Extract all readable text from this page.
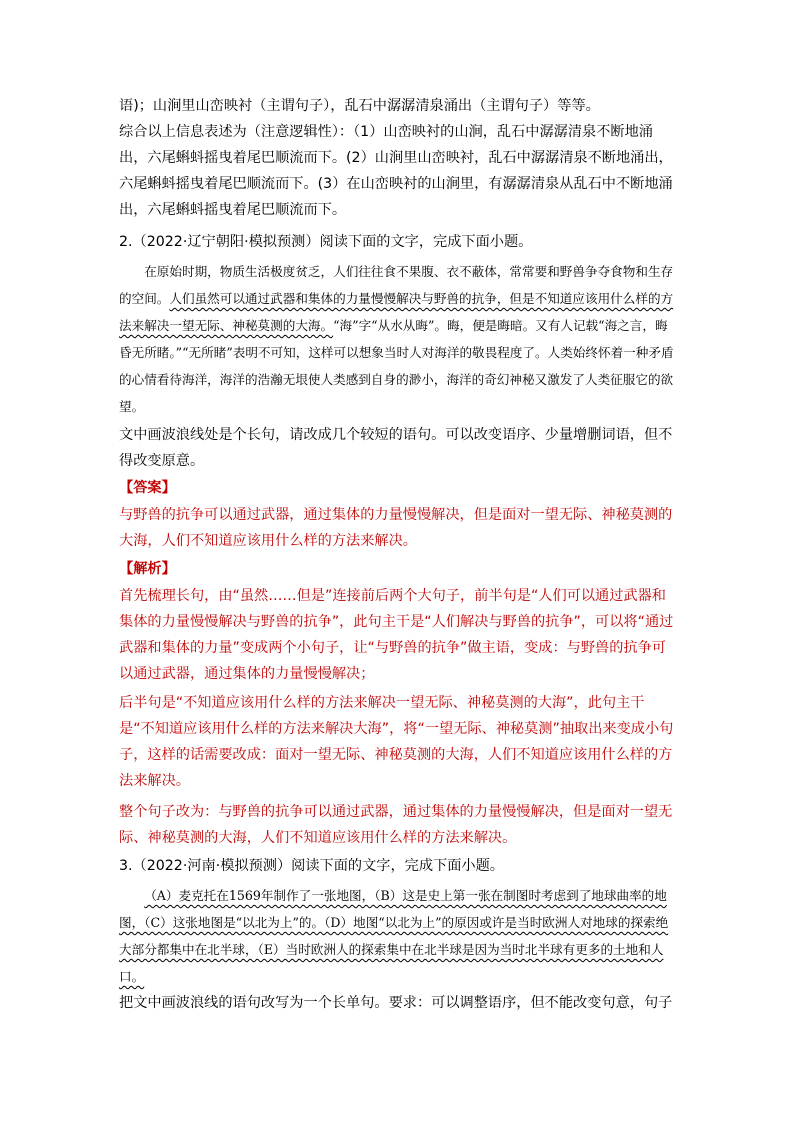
语)；山涧里山峦映衬（主谓句子），乱石中潺潺清泉涌出（主谓句子）等等。
综合以上信息表述为（注意逻辑性）：（1）山峦映衬的山涧，乱石中潺潺清泉不断地涌出，六尾蝌蚪摇曳着尾巴顺流而下。(2）山涧里山峦映衬，乱石中潺潺清泉不断地涌出，六尾蝌蚪摇曳着尾巴顺流而下。(3）在山峦映衬的山涧里，有潺潺清泉从乱石中不断地涌出，六尾蝌蚪摇曳着尾巴顺流而下。
2.（2022·辽宁朝阳·模拟预测）阅读下面的文字，完成下面小题。
在原始时期，物质生活极度贫乏，人们往往食不果腹、衣不蔽体，常常要和野兽争夺食物和生存的空间。人们虽然可以通过武器和集体的力量慢慢解决与野兽的抗争，但是不知道应该用什么样的方法来解决一望无际、神秘莫测的大海。“海”字“从水从晦”。晦，便是晦暗。又有人记载“海之言，晦昏无所睹。”“无所睹”表明不可知，这样可以想象当时人对海洋的敬畏程度了。人类始终怀着一种矛盾的心情看待海洋，海洋的浩瀚无垠使人类感到自身的渺小，海洋的奇幻神秘又激发了人类征服它的欲望。
文中画波浪线处是个长句，请改成几个较短的语句。可以改变语序、少量增删词语，但不得改变原意。
【答案】
与野兽的抗争可以通过武器，通过集体的力量慢慢解决，但是面对一望无际、神秘莫测的大海，人们不知道应该用什么样的方法来解决。
【解析】
首先梳理长句，由“虽然……但是”连接前后两个大句子，前半句是“人们可以通过武器和集体的力量慢慢解决与野兽的抗争”，此句主干是“人们解决与野兽的抗争”，可以将“通过武器和集体的力量”变成两个小句子，让“与野兽的抗争”做主语，变成：与野兽的抗争可以通过武器，通过集体的力量慢慢解决；
后半句是“不知道应该用什么样的方法来解决一望无际、神秘莫测的大海”，此句主干是“不知道应该用什么样的方法来解决大海”，将“一望无际、神秘莫测”抽取出来变成小句子，这样的话需要改成：面对一望无际、神秘莫测的大海，人们不知道应该用什么样的方法来解决。
整个句子改为：与野兽的抗争可以通过武器，通过集体的力量慢慢解决，但是面对一望无际、神秘莫测的大海，人们不知道应该用什么样的方法来解决。
3.（2022·河南·模拟预测）阅读下面的文字，完成下面小题。
（A）麦克托在1569年制作了一张地图，（B）这是史上第一张在制图时考虑到了地球曲率的地图，（C）这张地图是“以北为上”的。（D）地图“以北为上”的原因或许是当时欧洲人对地球的探索绝大部分都集中在北半球，（E）当时欧洲人的探索集中在北半球是因为当时北半球有更多的土地和人口。
把文中画波浪线的语句改写为一个长单句。要求：可以调整语序，但不能改变句意，句子
